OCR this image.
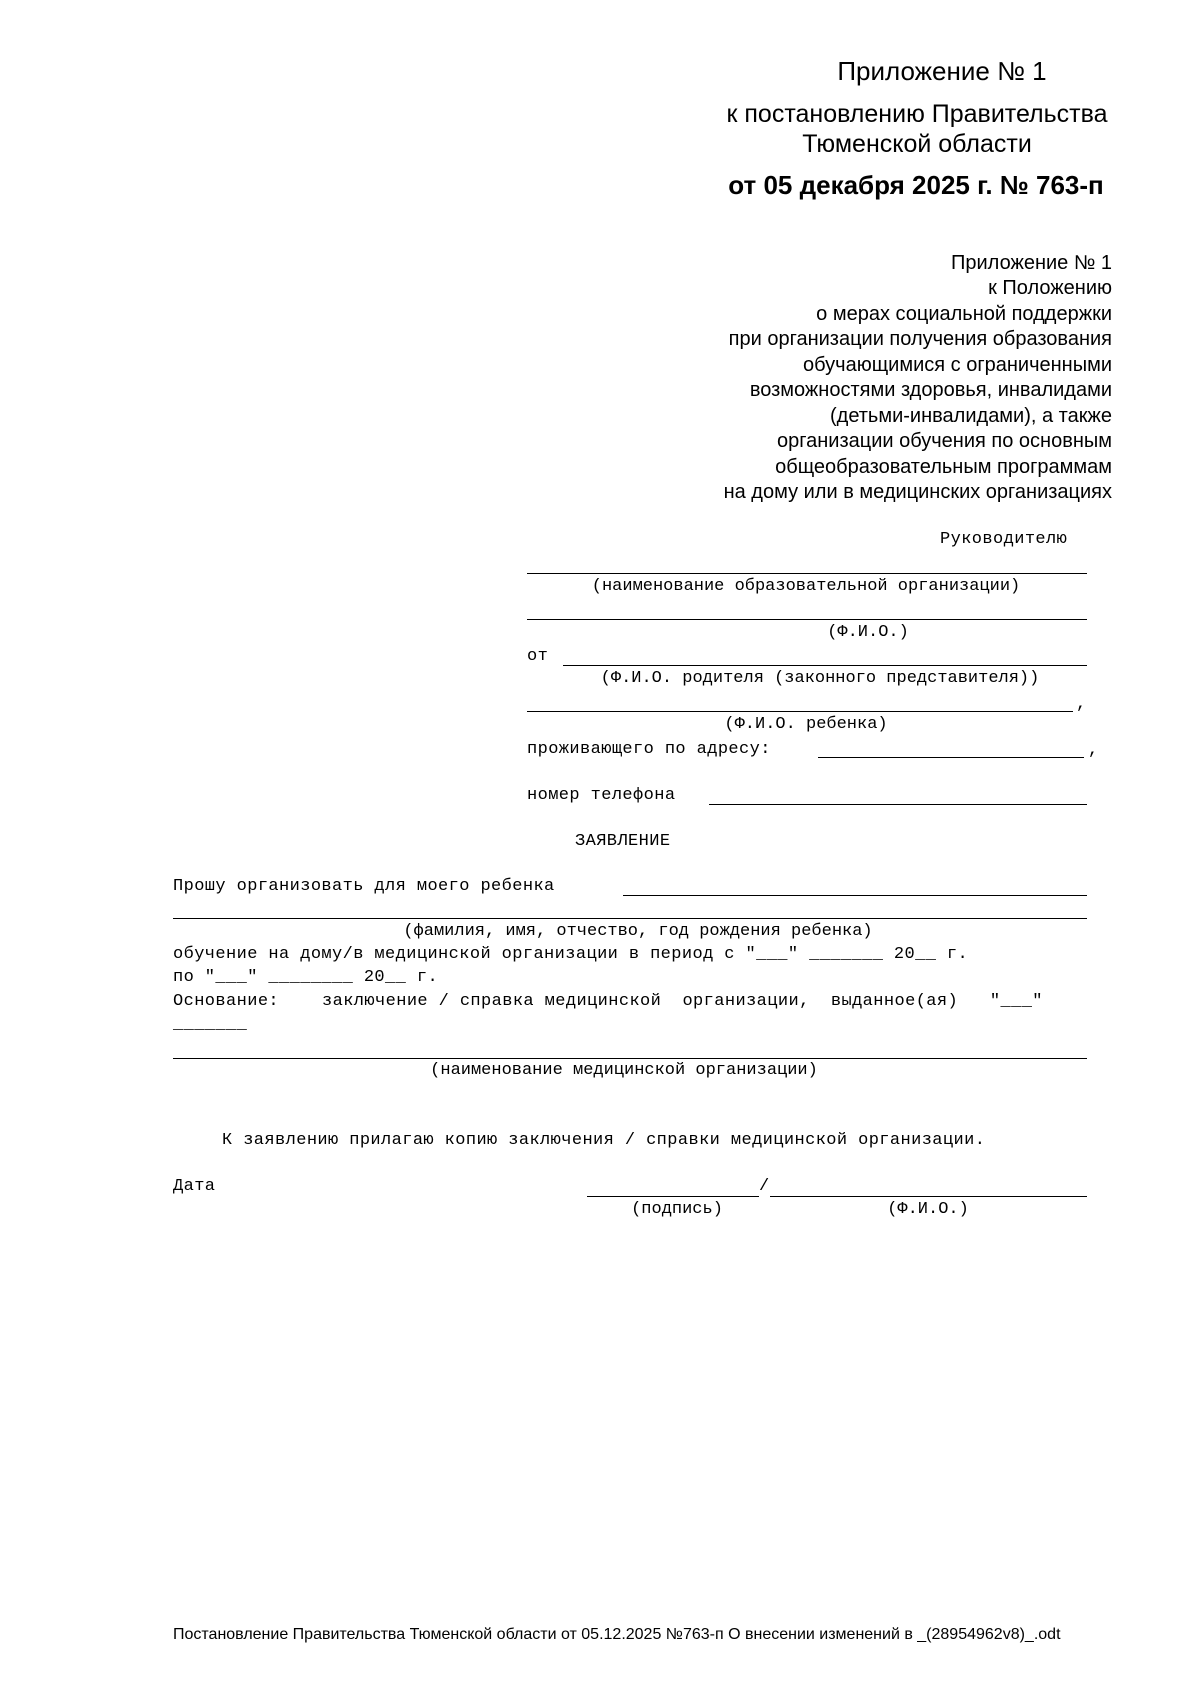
Приложение № 1
к постановлению Правительства
Тюменской области
от 05 декабря 2025 г. № 763-п
Приложение № 1
к Положению
о мерах социальной поддержки
при организации получения образования
обучающимися с ограниченными
возможностями здоровья, инвалидами
(детьми-инвалидами), а также
организации обучения по основным
общеобразовательным программам
на дому или в медицинских организациях
Руководителю
(наименование образовательной организации)
(Ф.И.О.)
от
(Ф.И.О. родителя (законного представителя))
,
(Ф.И.О. ребенка)
проживающего по адресу:	,
номер телефона
ЗАЯВЛЕНИЕ
Прошу организовать для моего ребенка
(фамилия, имя, отчество, год рождения ребенка)
обучение на дому/в медицинской организации в период с "___" _______ 20__ г.
по "___" ________ 20__ г.
Основание:	заключение / справка медицинской  организации,  выданное(ая)   "___"
_______
(наименование медицинской организации)
К заявлению прилагаю копию заключения / справки медицинской организации.
Дата	/
(подпись)	(Ф.И.О.)
Постановление Правительства Тюменской области от 05.12.2025 №763-п О внесении изменений в _(28954962v8)_.odt
